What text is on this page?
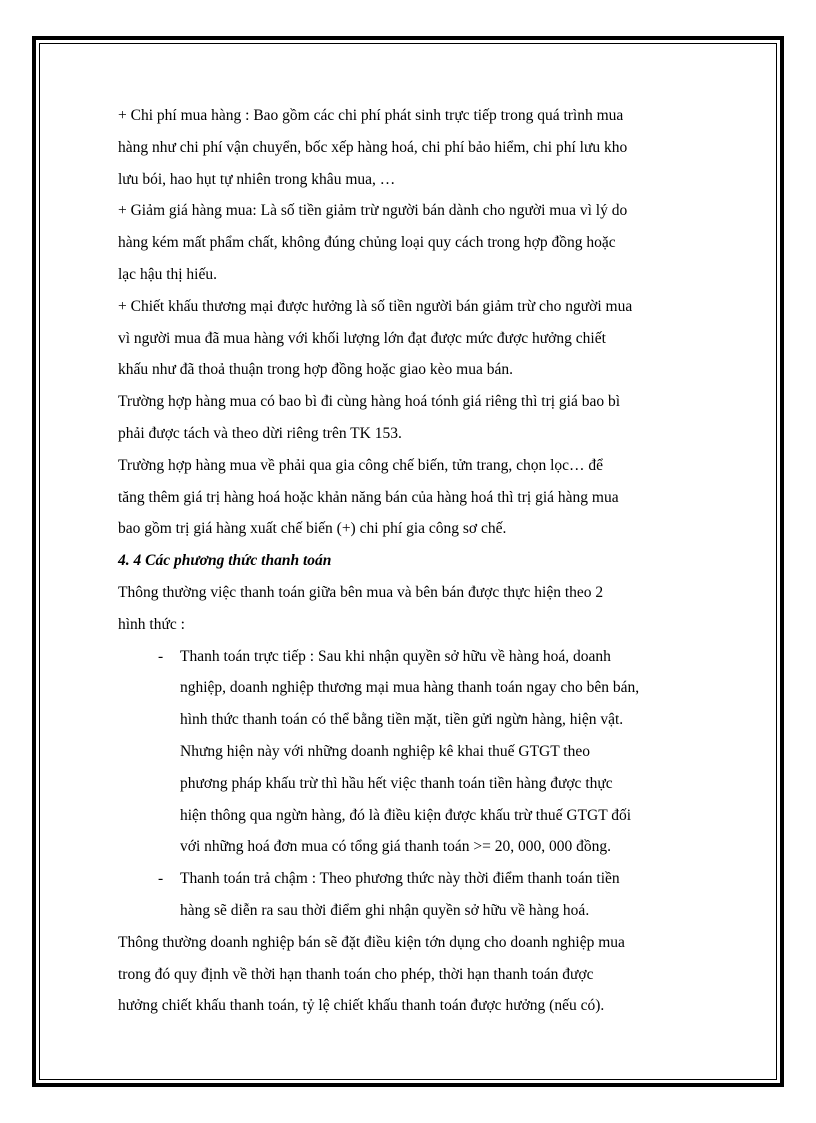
+ Chi phí mua hàng : Bao gồm các chi phí phát sinh trực tiếp trong quá trình mua
hàng như chi phí vận chuyển, bốc xếp hàng hoá, chi phí bảo hiểm, chi phí lưu kho
lưu bói, hao hụt tự nhiên trong khâu mua, …
+ Giảm giá hàng mua: Là số tiền giảm trừ người bán dành cho người mua vì lý do
hàng kém mất phẩm chất, không đúng chủng loại quy cách trong hợp đồng hoặc
lạc hậu thị hiếu.
+ Chiết khấu thương mại được hưởng là số tiền người bán giảm trừ cho người mua
vì người mua đã mua hàng với khối lượng lớn đạt được mức được hưởng chiết
khấu như đã thoả thuận trong hợp đồng hoặc giao kèo mua bán.
Trường hợp hàng mua có bao bì đi cùng hàng hoá tónh giá riêng thì trị giá bao bì
phải được tách và theo dừi riêng trên TK 153.
Trường hợp hàng mua về phải qua gia công chế biến, tửn trang, chọn lọc… để
tăng thêm giá trị hàng hoá hoặc khản năng bán của hàng hoá thì trị giá hàng mua
bao gồm trị giá hàng xuất chế biến (+) chi phí gia công sơ chế.
4. 4 Các phương thức thanh toán
Thông thường việc thanh toán giữa bên mua và bên bán được thực hiện theo 2
hình thức :
- Thanh toán trực tiếp : Sau khi nhận quyền sở hữu về hàng hoá, doanh
nghiệp, doanh nghiệp thương mại mua hàng thanh toán ngay cho bên bán,
hình thức thanh toán có thể bằng tiền mặt, tiền gửi ngừn hàng, hiện vật.
Nhưng hiện này với những doanh nghiệp kê khai thuế GTGT theo
phương pháp khấu trừ thì hầu hết việc thanh toán tiền hàng được thực
hiện thông qua ngừn hàng, đó là điều kiện được khấu trừ thuế GTGT đối
với những hoá đơn mua có tổng giá thanh toán >= 20, 000, 000 đồng.
- Thanh toán trả chậm : Theo phương thức này thời điểm thanh toán tiền
hàng sẽ diễn ra sau thời điểm ghi nhận quyền sở hữu về hàng hoá.
Thông thường doanh nghiệp bán sẽ đặt điều kiện tớn dụng cho doanh nghiệp mua
trong đó quy định về thời hạn thanh toán cho phép, thời hạn thanh toán được
hưởng chiết khấu thanh toán, tỷ lệ chiết khấu thanh toán được hưởng (nếu có).
